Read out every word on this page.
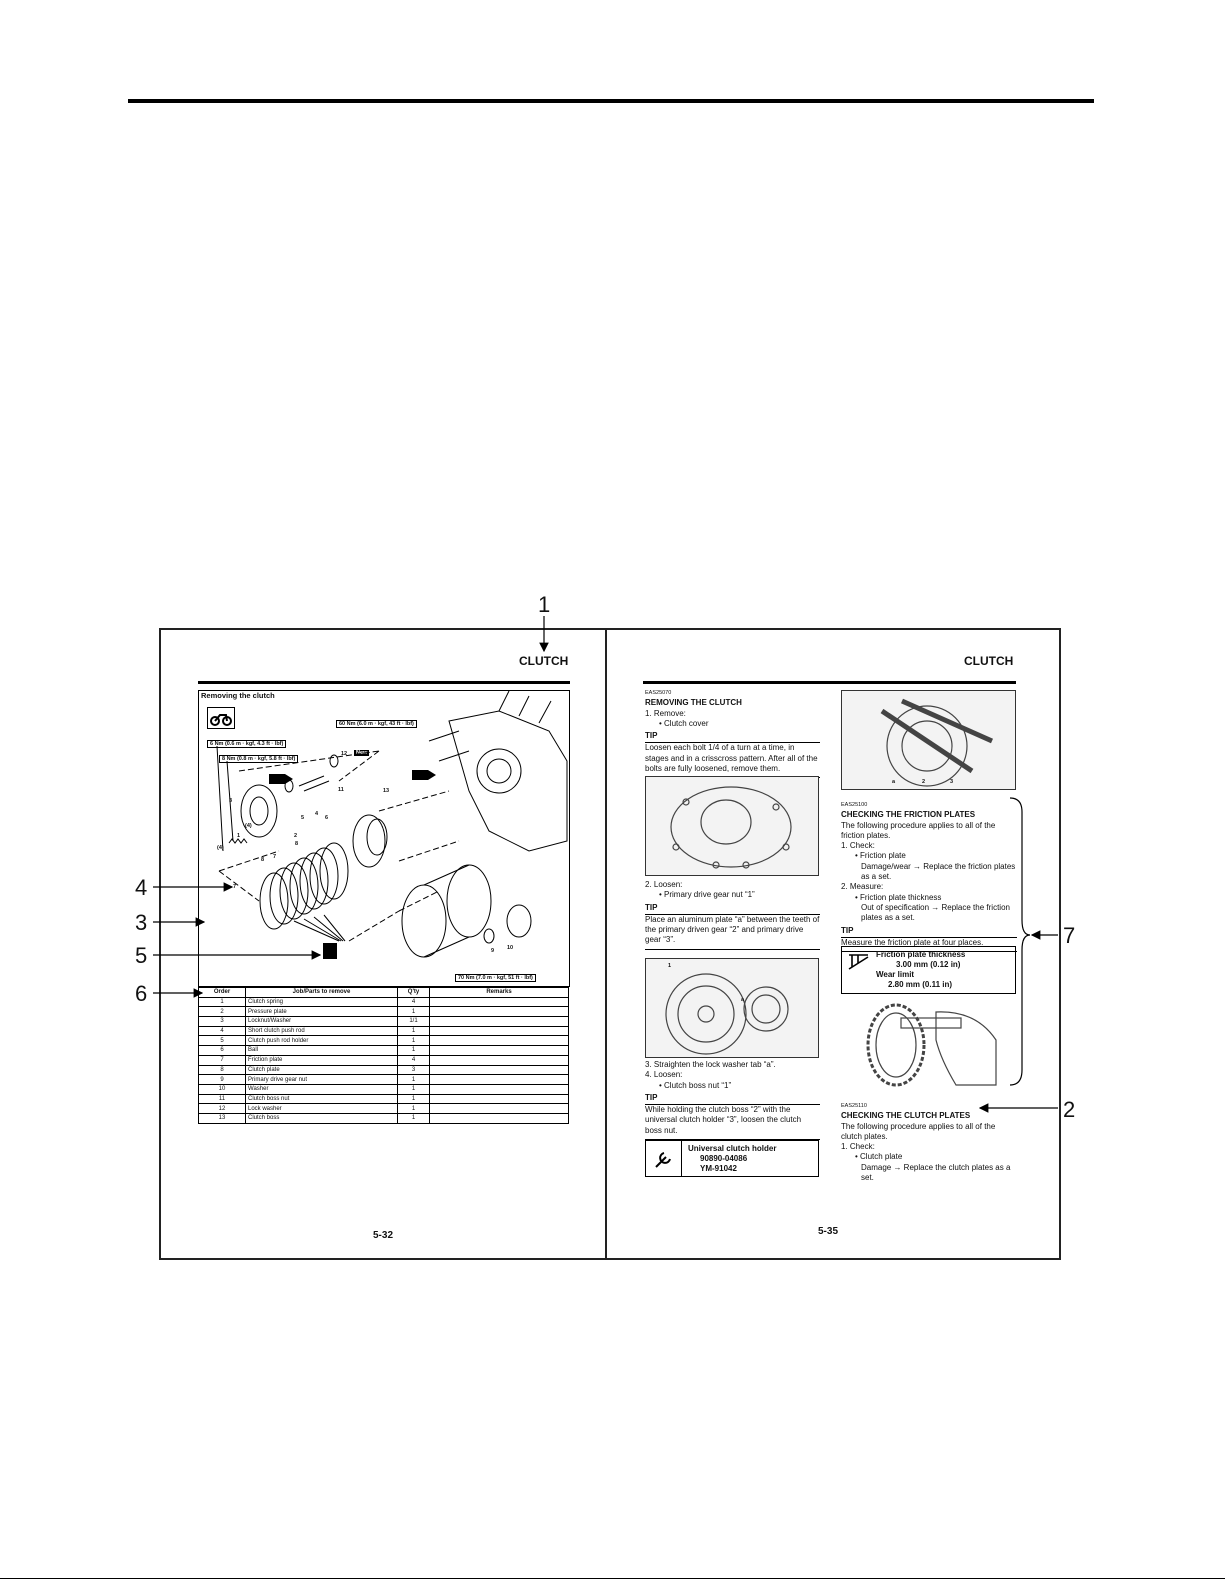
1
2
3
4
5
6
7
CLUTCH
Removing the clutch
6 Nm (0.6 m · kgf, 4.3 ft · lbf)
8 Nm (0.8 m · kgf, 5.8 ft · lbf)
60 Nm (6.0 m · kgf, 43 ft · lbf)
70 Nm (7.0 m · kgf, 51 ft · lbf)
New
3
1
(4)
(4)
2
4
5	6
7
7
8
8
9 10
11
12
13
Order	Job/Parts to remove	Q'ty	Remarks
1	Clutch spring	4	
2	Pressure plate	1	
3	Locknut/Washer	1/1	
4	Short clutch push rod	1	
5	Clutch push rod holder	1	
6	Ball	1	
7	Friction plate	4	
8	Clutch plate	3	
9	Primary drive gear nut	1	
10	Washer	1	
11	Clutch boss nut	1	
12	Lock washer	1	
13	Clutch boss	1	
5-32
CLUTCH

EAS25070

REMOVING THE CLUTCH

1. Remove:

• Clutch cover

TIP

Loosen each bolt 1/4 of a turn at a time, in stages and in a crisscross pattern. After all of the bolts are fully loosened, remove them.

2. Loosen:

• Primary drive gear nut “1”

TIP

Place an aluminum plate “a” between the teeth of the primary driven gear “2” and primary drive gear “3”.

1
a

3. Straighten the lock washer tab “a”.

4. Loosen:

• Clutch boss nut “1”

TIP

While holding the clutch boss “2” with the universal clutch holder “3”, loosen the clutch boss nut.

Universal clutch holder

90890-04086

YM-91042

a	2	3

EAS25100

CHECKING THE FRICTION PLATES

The following procedure applies to all of the friction plates.

1. Check:

• Friction plate

Damage/wear → Replace the friction plates as a set.

2. Measure:

• Friction plate thickness

Out of specification → Replace the friction plates as a set.

TIP

Measure the friction plate at four places.

Friction plate thickness

3.00 mm (0.12 in)

Wear limit

2.80 mm (0.11 in)

EAS25110

CHECKING THE CLUTCH PLATES

The following procedure applies to all of the clutch plates.

1. Check:

• Clutch plate

Damage → Replace the clutch plates as a set.

5-35
